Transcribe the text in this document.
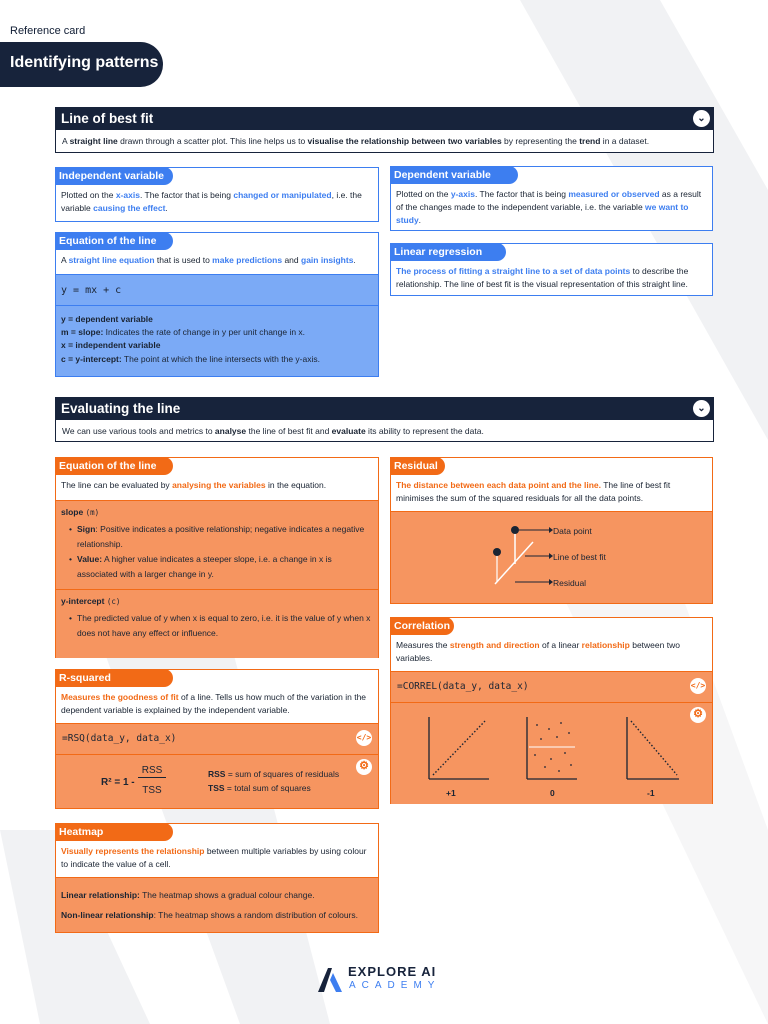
Reference card
Identifying patterns
Line of best fit	⌄
A straight line drawn through a scatter plot. This line helps us to visualise the relationship between two variables by representing the trend in a dataset.
Independent variable
Plotted on the x-axis. The factor that is being changed or manipulated, i.e. the variable causing the effect.
Dependent variable
Plotted on the y-axis. The factor that is being measured or observed as a result of the changes made to the independent variable, i.e. the variable we want to study.
Equation of the line
A straight line equation that is used to make predictions and gain insights.
y = mx + c
y = dependent variable
m = slope: Indicates the rate of change in y per unit change in x.
x = independent variable
c = y-intercept: The point at which the line intersects with the y-axis.
Linear regression
The process of fitting a straight line to a set of data points to describe the relationship. The line of best fit is the visual representation of this straight line.
Evaluating the line	⌄
We can use various tools and metrics to analyse the line of best fit and evaluate its ability to represent the data.
Equation of the line
The line can be evaluated by analysing the variables in the equation.
slope (m)
• Sign: Positive indicates a positive relationship; negative indicates a negative relationship.
• Value: A higher value indicates a steeper slope, i.e. a change in x is associated with a larger change in y.
y-intercept (c)
• The predicted value of y when x is equal to zero, i.e. it is the value of y when x does not have any effect or influence.
Residual
The distance between each data point and the line. The line of best fit minimises the sum of the squared residuals for all the data points.
Data point
Line of best fit
Residual
Correlation
Measures the strength and direction of a linear relationship between two variables.
=CORREL(data_y, data_x)	</>
⚙
+1	0	-1
R-squared
Measures the goodness of fit of a line. Tells us how much of the variation in the dependent variable is explained by the independent variable.
=RSQ(data_y, data_x)	</>
⚙
R² = 1 -
RSS
TSS
RSS = sum of squares of residuals
TSS = total sum of squares
Heatmap
Visually represents the relationship between multiple variables by using colour to indicate the value of a cell.
Linear relationship: The heatmap shows a gradual colour change.
Non-linear relationship: The heatmap shows a random distribution of colours.
EXPLORE AI
ACADEMY
